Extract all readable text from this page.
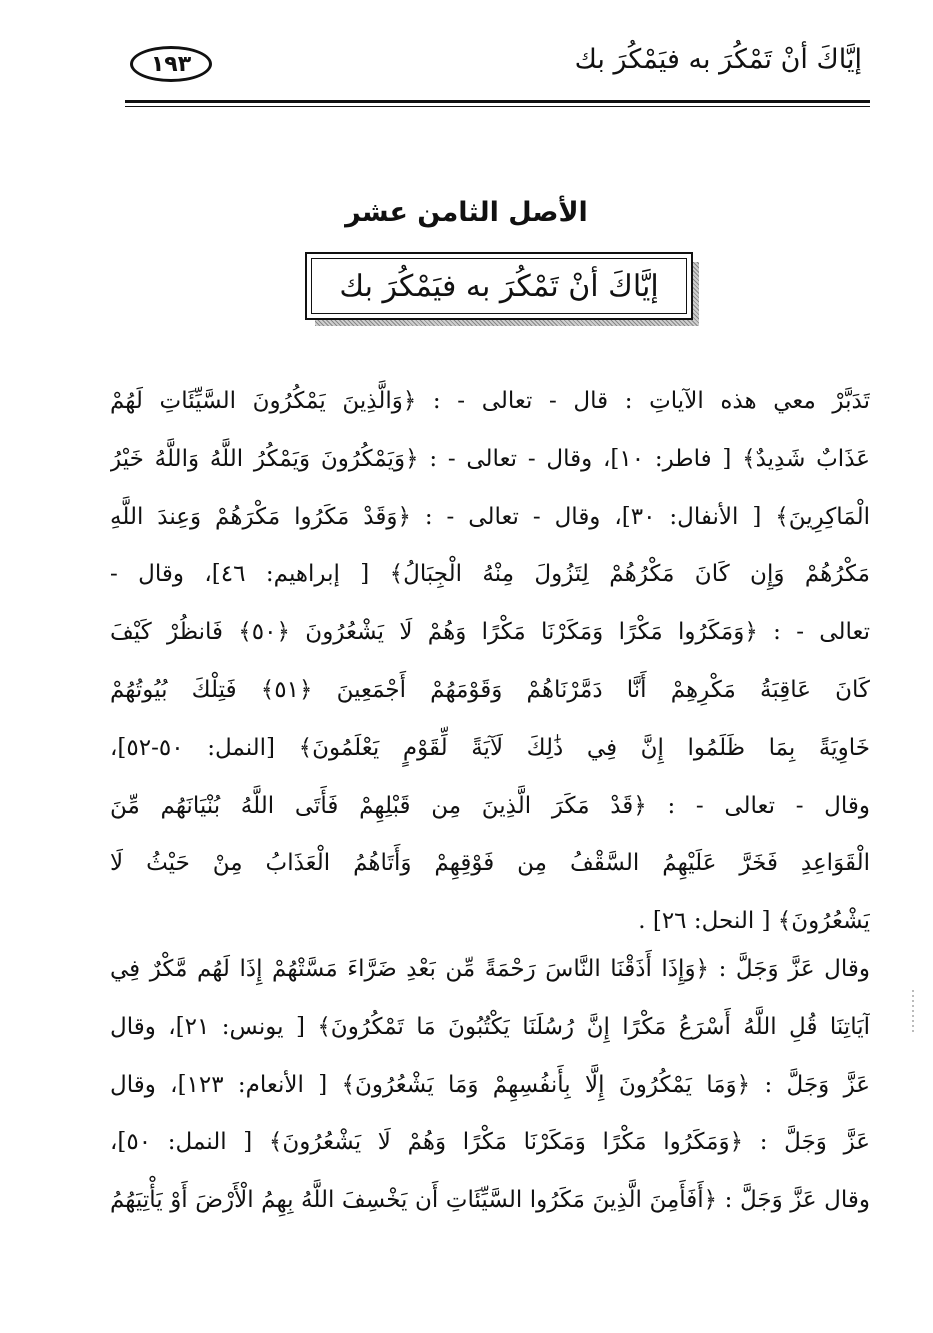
١٩٣	إيَّاكَ أنْ تَمْكُرَ به فيَمْكُرَ بك
الأصل الثامن عشر
إيَّاكَ أنْ تَمْكُرَ به فيَمْكُرَ بك
تَدَبَّرْ معي هذه الآياتِ : قال - تعالى - : ﴿وَالَّذِينَ يَمْكُرُونَ السَّيِّئَاتِ لَهُمْ
عَذَابٌ شَدِيدٌ﴾ [ فاطر: ١٠]، وقال - تعالى - : ﴿وَيَمْكُرُونَ وَيَمْكُرُ اللَّهُ وَاللَّهُ خَيْرُ
الْمَاكِرِينَ﴾ [ الأنفال: ٣٠]، وقال - تعالى - : ﴿وَقَدْ مَكَرُوا مَكْرَهُمْ وَعِندَ اللَّهِ
مَكْرُهُمْ وَإِن كَانَ مَكْرُهُمْ لِتَزُولَ مِنْهُ الْجِبَالُ﴾ [ إبراهيم: ٤٦]، وقال -
تعالى - : ﴿وَمَكَرُوا مَكْرًا وَمَكَرْنَا مَكْرًا وَهُمْ لَا يَشْعُرُونَ ﴿٥٠﴾ فَانظُرْ كَيْفَ
كَانَ عَاقِبَةُ مَكْرِهِمْ أَنَّا دَمَّرْنَاهُمْ وَقَوْمَهُمْ أَجْمَعِينَ ﴿٥١﴾ فَتِلْكَ بُيُوتُهُمْ
خَاوِيَةً بِمَا ظَلَمُوا إِنَّ فِي ذَٰلِكَ لَآيَةً لِّقَوْمٍ يَعْلَمُونَ﴾ [النمل: ٥٠-٥٢]،
وقال - تعالى - : ﴿قَدْ مَكَرَ الَّذِينَ مِن قَبْلِهِمْ فَأَتَى اللَّهُ بُنْيَانَهُم مِّنَ
الْقَوَاعِدِ فَخَرَّ عَلَيْهِمُ السَّقْفُ مِن فَوْقِهِمْ وَأَتَاهُمُ الْعَذَابُ مِنْ حَيْثُ لَا
يَشْعُرُونَ﴾ [ النحل: ٢٦] .
وقال عَزَّ وَجَلَّ : ﴿وَإِذَا أَذَقْنَا النَّاسَ رَحْمَةً مِّن بَعْدِ ضَرَّاءَ مَسَّتْهُمْ إِذَا لَهُم مَّكْرٌ فِي
آيَاتِنَا قُلِ اللَّهُ أَسْرَعُ مَكْرًا إِنَّ رُسُلَنَا يَكْتُبُونَ مَا تَمْكُرُونَ﴾ [ يونس: ٢١]، وقال
عَزَّ وَجَلَّ : ﴿وَمَا يَمْكُرُونَ إِلَّا بِأَنفُسِهِمْ وَمَا يَشْعُرُونَ﴾ [ الأنعام: ١٢٣]، وقال
عَزَّ وَجَلَّ : ﴿وَمَكَرُوا مَكْرًا وَمَكَرْنَا مَكْرًا وَهُمْ لَا يَشْعُرُونَ﴾ [ النمل: ٥٠]،
وقال عَزَّ وَجَلَّ : ﴿أَفَأَمِنَ الَّذِينَ مَكَرُوا السَّيِّئَاتِ أَن يَخْسِفَ اللَّهُ بِهِمُ الْأَرْضَ أَوْ يَأْتِيَهُمُ
